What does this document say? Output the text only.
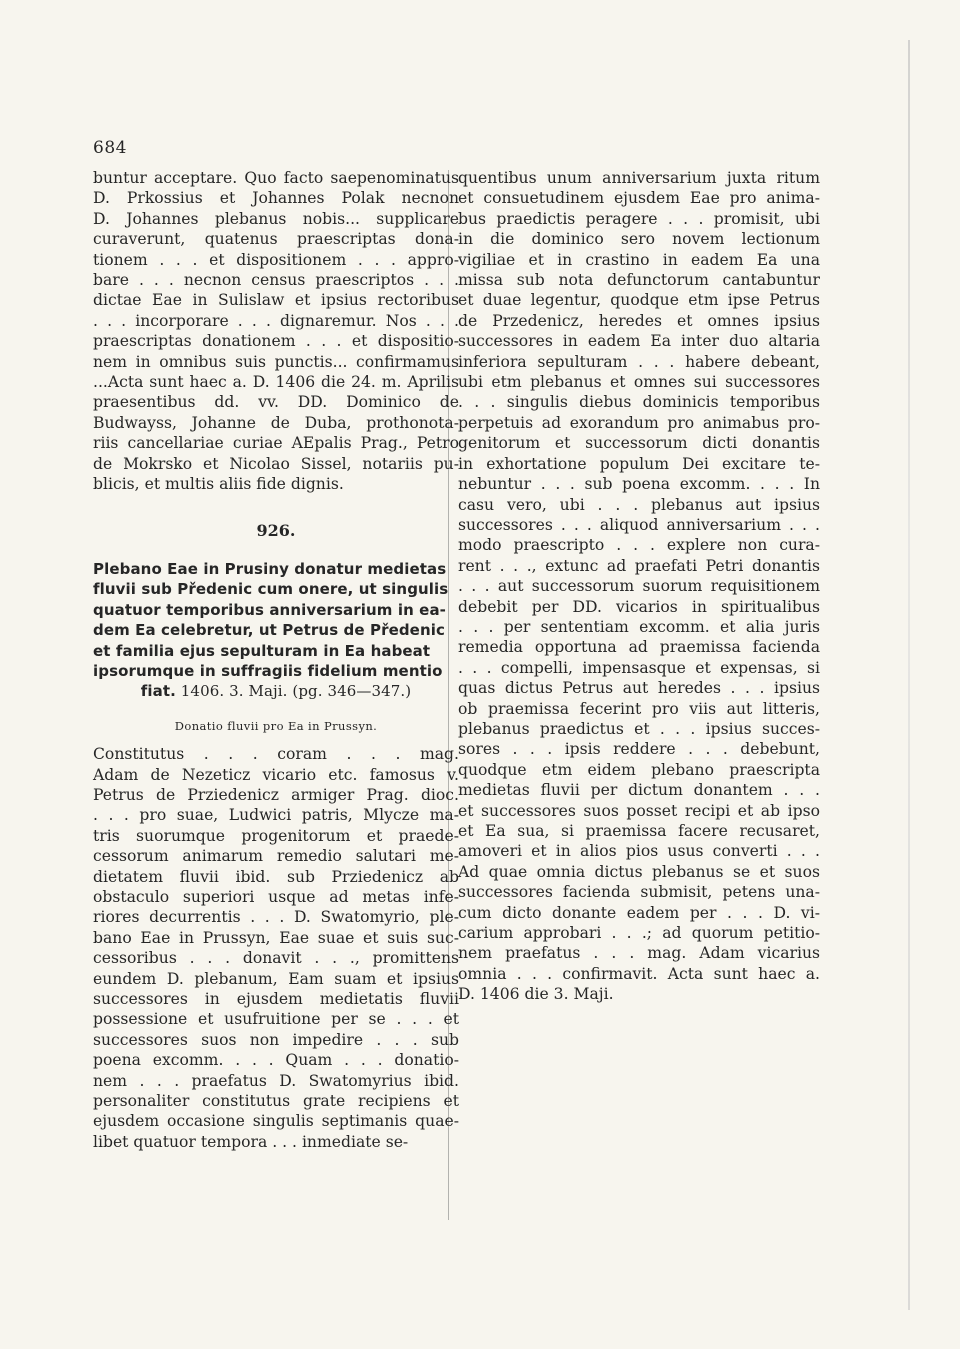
684
buntur acceptare. Quo facto saepenominatus
D. Prkossius et Johannes Polak necnon
D. Johannes plebanus nobis... supplicare
curaverunt, quatenus praescriptas dona-
tionem . . . et dispositionem . . . appro-
bare . . . necnon census praescriptos . . .
dictae Eae in Sulislaw et ipsius rectoribus
. . . incorporare . . . dignaremur. Nos . . .
praescriptas donationem . . . et dispositio-
nem in omnibus suis punctis... confirmamus
...Acta sunt haec a. D. 1406 die 24. m. Aprilis
praesentibus dd. vv. DD. Dominico de
Budwayss, Johanne de Duba, prothonota-
riis cancellariae curiae AEpalis Prag., Petro
de Mokrsko et Nicolao Sissel, notariis pu-
blicis, et multis aliis fide dignis.
926.
Plebano Eae in Prusiny donatur medietas
fluvii sub Předenic cum onere, ut singulis
quatuor temporibus anniversarium in ea-
dem Ea celebretur, ut Petrus de Předenic
et familia ejus sepulturam in Ea habeat
ipsorumque in suffragiis fidelium mentio
fiat. 1406. 3. Maji. (pg. 346—347.)
Donatio fluvii pro Ea in Prussyn.
Constitutus . . . coram . . . mag.
Adam de Nezeticz vicario etc. famosus v.
Petrus de Prziedenicz armiger Prag. dioc.
. . . pro suae, Ludwici patris, Mlycze ma-
tris suorumque progenitorum et praede-
cessorum animarum remedio salutari me-
dietatem fluvii ibid. sub Prziedenicz ab
obstaculo superiori usque ad metas infe-
riores decurrentis . . . D. Swatomyrio, ple-
bano Eae in Prussyn, Eae suae et suis suc-
cessoribus . . . donavit . . ., promittens
eundem D. plebanum, Eam suam et ipsius
successores in ejusdem medietatis fluvii
possessione et usufruitione per se . . . et
successores suos non impedire . . . sub
poena excomm. . . . Quam . . . donatio-
nem . . . praefatus D. Swatomyrius ibid.
personaliter constitutus grate recipiens et
ejusdem occasione singulis septimanis quae-
libet quatuor tempora . . . inmediate se-
quentibus unum anniversarium juxta ritum
et consuetudinem ejusdem Eae pro anima-
bus praedictis peragere . . . promisit, ubi
in die dominico sero novem lectionum
vigiliae et in crastino in eadem Ea una
missa sub nota defunctorum cantabuntur
et duae legentur, quodque etm ipse Petrus
de Przedenicz, heredes et omnes ipsius
successores in eadem Ea inter duo altaria
inferiora sepulturam . . . habere debeant,
ubi etm plebanus et omnes sui successores
. . . singulis diebus dominicis temporibus
perpetuis ad exorandum pro animabus pro-
genitorum et successorum dicti donantis
in exhortatione populum Dei excitare te-
nebuntur . . . sub poena excomm. . . . In
casu vero, ubi . . . plebanus aut ipsius
successores . . . aliquod anniversarium . . .
modo praescripto . . . explere non cura-
rent . . ., extunc ad praefati Petri donantis
. . . aut successorum suorum requisitionem
debebit per DD. vicarios in spiritualibus
. . . per sententiam excomm. et alia juris
remedia opportuna ad praemissa facienda
. . . compelli, impensasque et expensas, si
quas dictus Petrus aut heredes . . . ipsius
ob praemissa fecerint pro viis aut litteris,
plebanus praedictus et . . . ipsius succes-
sores . . . ipsis reddere . . . debebunt,
quodque etm eidem plebano praescripta
medietas fluvii per dictum donantem . . .
et successores suos posset recipi et ab ipso
et Ea sua, si praemissa facere recusaret,
amoveri et in alios pios usus converti . . .
Ad quae omnia dictus plebanus se et suos
successores facienda submisit, petens una-
cum dicto donante eadem per . . . D. vi-
carium approbari . . .; ad quorum petitio-
nem praefatus . . . mag. Adam vicarius
omnia . . . confirmavit. Acta sunt haec a.
D. 1406 die 3. Maji.
